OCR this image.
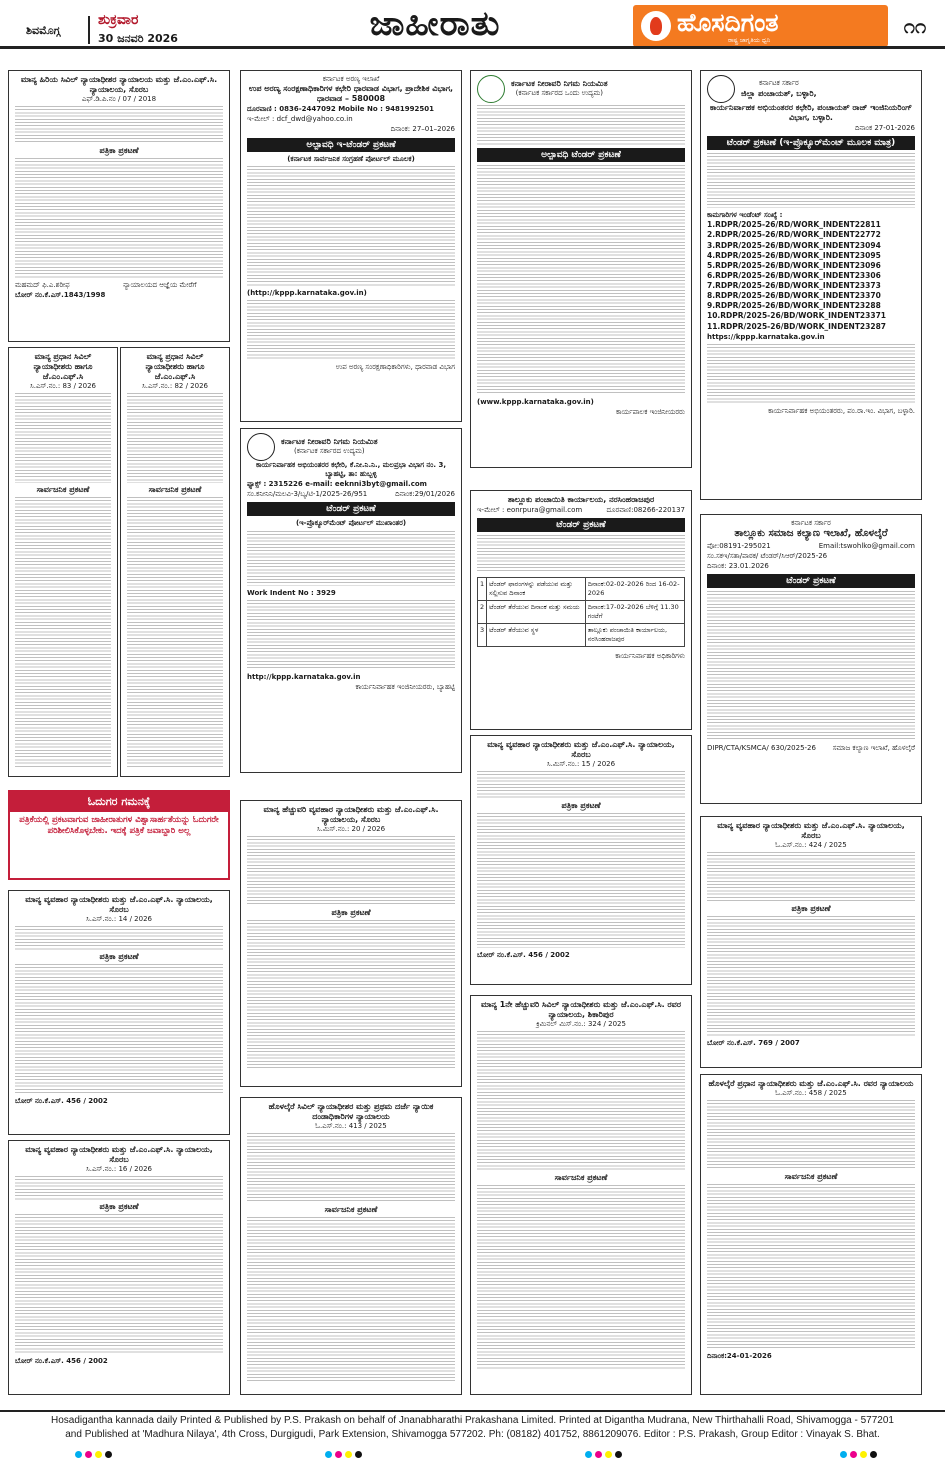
ಶಿವಮೊಗ್ಗ
ಶುಕ್ರವಾರ
30 ಜನವರಿ 2026	ಜಾಹೀರಾತು	ಹೊಸದಿಗಂತ
ರಾಷ್ಟ್ರ ಜಾಗೃತಿಯ ಧ್ವನಿ
೧೧
ಮಾನ್ಯ ಹಿರಿಯ ಸಿವಿಲ್ ನ್ಯಾಯಾಧೀಶರ ನ್ಯಾಯಾಲಯ ಮತ್ತು ಜೆ.ಎಂ.ಎಫ್.ಸಿ. ನ್ಯಾಯಾಲಯ, ಸೊರಬ
ಎಫ್.ಡಿ.ಪಿ.ನಂ / 07 / 2018
ಪತ್ರಿಕಾ ಪ್ರಕಟಣೆ
ಮಹಮದ್ ಫಿ.ಎ.ಶರೀಫ	ನ್ಯಾಯಾಲಯದ ಆಜ್ಞೆಯ ಮೇರೆಗೆ
ಬೋರ್ ನಂ.ಕೆ.ಎಸ್.1843/1998
ಮಾನ್ಯ ಪ್ರಧಾನ ಸಿವಿಲ್ ನ್ಯಾಯಾಧೀಶರು ಹಾಗೂ ಜೆ.ಎಂ.ಎಫ್.ಸಿ
ಸಿ.ಎಸ್.ನಂ.: 83 / 2026
ಸಾರ್ವಜನಿಕ ಪ್ರಕಟಣೆ
ಮಾನ್ಯ ಪ್ರಧಾನ ಸಿವಿಲ್ ನ್ಯಾಯಾಧೀಶರು ಹಾಗೂ ಜೆ.ಎಂ.ಎಫ್.ಸಿ
ಸಿ.ಎಸ್.ನಂ.: 82 / 2026
ಸಾರ್ವಜನಿಕ ಪ್ರಕಟಣೆ
ಓದುಗರ ಗಮನಕ್ಕೆ
ಪತ್ರಿಕೆಯಲ್ಲಿ ಪ್ರಕಟವಾಗುವ ಜಾಹೀರಾತುಗಳ ವಿಶ್ವಾಸಾರ್ಹತೆಯನ್ನು ಓದುಗರೇ ಪರಿಶೀಲಿಸಿಕೊಳ್ಳಬೇಕು. ಇದಕ್ಕೆ ಪತ್ರಿಕೆ ಜವಾಬ್ದಾರಿ ಅಲ್ಲ
ಮಾನ್ಯ ವ್ಯವಹಾರ ನ್ಯಾಯಾಧೀಶರು ಮತ್ತು ಜೆ.ಎಂ.ಎಫ್.ಸಿ. ನ್ಯಾಯಾಲಯ, ಸೊರಬ
ಸಿ.ಎಸ್.ನಂ.: 14 / 2026
ಪತ್ರಿಕಾ ಪ್ರಕಟಣೆ
ಬೋರ್ ನಂ.ಕೆ.ಎಸ್. 456 / 2002
ಮಾನ್ಯ ವ್ಯವಹಾರ ನ್ಯಾಯಾಧೀಶರು ಮತ್ತು ಜೆ.ಎಂ.ಎಫ್.ಸಿ. ನ್ಯಾಯಾಲಯ, ಸೊರಬ
ಸಿ.ಎಸ್.ನಂ.: 16 / 2026
ಪತ್ರಿಕಾ ಪ್ರಕಟಣೆ
ಬೋರ್ ನಂ.ಕೆ.ಎಸ್. 456 / 2002
ಕರ್ನಾಟಕ ಅರಣ್ಯ ಇಲಾಖೆ
ಉಪ ಅರಣ್ಯ ಸಂರಕ್ಷಣಾಧಿಕಾರಿಗಳ ಕಛೇರಿ ಧಾರವಾಡ ವಿಭಾಗ, ಪ್ರಾದೇಶಿಕ ವಿಭಾಗ, ಧಾರವಾಡ – 580008
ದೂರವಾಣಿ : 0836-2447092 Mobile No : 9481992501
ಇ-ಮೇಲ್ : dcf_dwd@yahoo.co.in
ದಿನಾಂಕ: 27–01–2026
ಅಲ್ಪಾವಧಿ ಇ-ಟೆಂಡರ್ ಪ್ರಕಟಣೆ
(ಕರ್ನಾಟಕ ಸಾರ್ವಜನಿಕ ಸಂಗ್ರಹಣೆ ಪೋರ್ಟಲ್ ಮೂಲಕ)
(http://kppp.karnataka.gov.in)
ಉಪ ಅರಣ್ಯ ಸಂರಕ್ಷಣಾಧಿಕಾರಿಗಳು, ಧಾರವಾಡ ವಿಭಾಗ
ಕರ್ನಾಟಕ ನೀರಾವರಿ ನಿಗಮ ನಿಯಮಿತ
(ಕರ್ನಾಟಕ ಸರ್ಕಾರದ ಉದ್ಯಮ)
ಕಾರ್ಯನಿರ್ವಾಹಕ ಅಭಿಯಂತರರ ಕಛೇರಿ, ಕೆ.ನೀ.ನಿ.ನಿ., ಮಲಪ್ರಭಾ ವಿಭಾಗ ನಂ. 3, ಬ್ಯಾಹಟ್ಟಿ, ತಾ: ಹುಬ್ಬಳ್ಳಿ
ಫ್ಯಾಕ್ಸ್ : 2315226 e-mail: eeknni3byt@gmail.com
ಸಂ.ಕನೀನಿನಿ/ಮಲವಿ-3/ಬ್ಯ/ಟಿ-1/2025-26/951	ದಿನಾಂಕ:29/01/2026
ಟೆಂಡರ್ ಪ್ರಕಟಣೆ
(ಇ-ಪ್ರೊಕ್ಯೂರ್‌ಮೆಂಟ್ ಪೋರ್ಟಲ್ ಮುಖಾಂತರ)
Work Indent No : 3929
http://kppp.karnataka.gov.in
ಕಾರ್ಯನಿರ್ವಾಹಕ ಇಂಜಿನೀಯರರು, ಬ್ಯಾಹಟ್ಟಿ
ಮಾನ್ಯ ಹೆಚ್ಚುವರಿ ವ್ಯವಹಾರ ನ್ಯಾಯಾಧೀಶರು ಮತ್ತು ಜೆ.ಎಂ.ಎಫ್.ಸಿ. ನ್ಯಾಯಾಲಯ, ಸೊರಬ
ಸಿ.ಮಿಸ್.ನಂ.: 20 / 2026
ಪತ್ರಿಕಾ ಪ್ರಕಟಣೆ
ಹೊಳಲ್ಕೆರೆ ಸಿವಿಲ್ ನ್ಯಾಯಾಧೀಶರ ಮತ್ತು ಪ್ರಥಮ ದರ್ಜೆ ನ್ಯಾಯಿಕ ದಂಡಾಧಿಕಾರಿಗಳ ನ್ಯಾಯಾಲಯ
ಓ.ಎಸ್.ನಂ.: 413 / 2025
ಸಾರ್ವಜನಿಕ ಪ್ರಕಟಣೆ
ಕರ್ನಾಟಕ ನೀರಾವರಿ ನಿಗಮ ನಿಯಮಿತ
(ಕರ್ನಾಟಕ ಸರ್ಕಾರದ ಒಂದು ಉದ್ಯಮ)
ಅಲ್ಪಾವಧಿ ಟೆಂಡರ್ ಪ್ರಕಟಣೆ
(www.kppp.karnataka.gov.in)
ಕಾರ್ಯಪಾಲಕ ಇಂಜಿನೀಯರರು
ತಾಲ್ಲೂಕು ಪಂಚಾಯಿತಿ ಕಾರ್ಯಾಲಯ, ನರಸಿಂಹರಾಜಪುರ
ಇ-ಮೇಲ್ : eonrpura@gmail.com	ದೂರವಾಣಿ:08266-220137
ಟೆಂಡರ್ ಪ್ರಕಟಣೆ
1	ಟೆಂಡರ್ ಫಾರಂಗಳನ್ನು ಪಡೆಯುವ ಮತ್ತು ಸಲ್ಲಿಸುವ ದಿನಾಂಕ	ದಿನಾಂಕ:02-02-2026 ರಿಂದ 16-02-2026
2	ಟೆಂಡರ್ ತೆರೆಯುವ ದಿನಾಂಕ ಮತ್ತು ಸಮಯ	ದಿನಾಂಕ:17-02-2026 ಬೆಳಿಗ್ಗೆ 11.30 ಗಂಟೆಗೆ
3	ಟೆಂಡರ್ ತೆರೆಯುವ ಸ್ಥಳ	ತಾಲ್ಲೂಕು ಪಂಚಾಯಿತಿ ಕಾರ್ಯಾಲಯ, ನರಸಿಂಹರಾಜಪುರ
ಕಾರ್ಯನಿರ್ವಾಹಕ ಅಧಿಕಾರಿಗಳು
ಮಾನ್ಯ ವ್ಯವಹಾರ ನ್ಯಾಯಾಧೀಶರು ಮತ್ತು ಜೆ.ಎಂ.ಎಫ್.ಸಿ. ನ್ಯಾಯಾಲಯ, ಸೊರಬ
ಸಿ.ಮಿಸ್.ನಂ.: 15 / 2026
ಪತ್ರಿಕಾ ಪ್ರಕಟಣೆ
ಬೋರ್ ನಂ.ಕೆ.ಎಸ್. 456 / 2002
ಮಾನ್ಯ 1ನೇ ಹೆಚ್ಚುವರಿ ಸಿವಿಲ್ ನ್ಯಾಯಾಧೀಶರು ಮತ್ತು ಜೆ.ಎಂ.ಎಫ್.ಸಿ. ರವರ ನ್ಯಾಯಾಲಯ, ಶಿಕಾರಿಪುರ
ಕ್ರಿಮಿನಲ್ ಮಿಸ್.ನಂ.: 324 / 2025
ಸಾರ್ವಜನಿಕ ಪ್ರಕಟಣೆ
ಕರ್ನಾಟಕ ಸರ್ಕಾರ
ಜಿಲ್ಲಾ ಪಂಚಾಯತ್, ಬಳ್ಳಾರಿ,
ಕಾರ್ಯನಿರ್ವಾಹಕ ಅಭಿಯಂತರರ ಕಛೇರಿ, ಪಂಚಾಯತ್ ರಾಜ್ ಇಂಜಿನಿಯರಿಂಗ್ ವಿಭಾಗ, ಬಳ್ಳಾರಿ.
ದಿನಾಂಕ 27-01-2026
ಟೆಂಡರ್ ಪ್ರಕಟಣೆ (ಇ-ಪ್ರೊಕ್ಯೂರ್‌ಮೆಂಟ್ ಮೂಲಕ ಮಾತ್ರ)
ಕಾಮಗಾರಿಗಳ ಇಂಡೆಂಟ್ ಸಂಖ್ಯೆ :
1.RDPR/2025-26/RD/WORK_INDENT22811
2.RDPR/2025-26/RD/WORK_INDENT22772
3.RDPR/2025-26/BD/WORK_INDENT23094
4.RDPR/2025-26/BD/WORK_INDENT23095
5.RDPR/2025-26/BD/WORK_INDENT23096
6.RDPR/2025-26/BD/WORK_INDENT23306
7.RDPR/2025-26/BD/WORK_INDENT23373
8.RDPR/2025-26/BD/WORK_INDENT23370
9.RDPR/2025-26/BD/WORK_INDENT23288
10.RDPR/2025-26/BD/WORK_INDENT23371
11.RDPR/2025-26/BD/WORK_INDENT23287
https://kppp.karnataka.gov.in
ಕಾರ್ಯನಿರ್ವಾಹಕ ಅಭಿಯಂತರರು, ಪಂ.ರಾ.ಇಂ. ವಿಭಾಗ, ಬಳ್ಳಾರಿ.
ಕರ್ನಾಟಕ ಸರ್ಕಾರ
ತಾಲ್ಲೂಕು ಸಮಾಜ ಕಲ್ಯಾಣ ಇಲಾಖೆ, ಹೊಳಲ್ಕೆರೆ
ಪೋ:08191-295021	Email:tswohlko@gmail.com
ಸಂ.ಸಕಇ/ಸತಾ/ಪಾಠಕ/ ಟೆಂಡರ್/ಸಿಆರ್/2025-26
ದಿನಾಂಕ: 23.01.2026
ಟೆಂಡರ್ ಪ್ರಕಟಣೆ
DIPR/CTA/KSMCA/ 630/2025-26 ಸಮಾಜ ಕಲ್ಯಾಣ ಇಲಾಖೆ, ಹೊಳಲ್ಕೆರೆ
ಮಾನ್ಯ ವ್ಯವಹಾರ ನ್ಯಾಯಾಧೀಶರು ಮತ್ತು ಜೆ.ಎಂ.ಎಫ್.ಸಿ. ನ್ಯಾಯಾಲಯ, ಸೊರಬ
ಓ.ಎಸ್.ನಂ.: 424 / 2025
ಪತ್ರಿಕಾ ಪ್ರಕಟಣೆ
ಬೋರ್ ನಂ.ಕೆ.ಎಸ್. 769 / 2007
ಹೊಳಲ್ಕೆರೆ ಪ್ರಧಾನ ನ್ಯಾಯಾಧೀಶರು ಮತ್ತು ಜೆ.ಎಂ.ಎಫ್.ಸಿ. ರವರ ನ್ಯಾಯಾಲಯ
ಓ.ಎಸ್.ನಂ.: 458 / 2025
ಸಾರ್ವಜನಿಕ ಪ್ರಕಟಣೆ
ದಿನಾಂಕ:24-01-2026
Hosadigantha kannada daily Printed & Published by P.S. Prakash on behalf of Jnanabharathi Prakashana Limited. Printed at Digantha Mudrana, New Thirthahalli Road, Shivamogga - 577201
and Published at 'Madhura Nilaya', 4th Cross, Durgigudi, Park Extension, Shivamogga 577202. Ph: (08182) 401752, 8861209076. Editor : P.S. Prakash, Group Editor : Vinayak S. Bhat.
